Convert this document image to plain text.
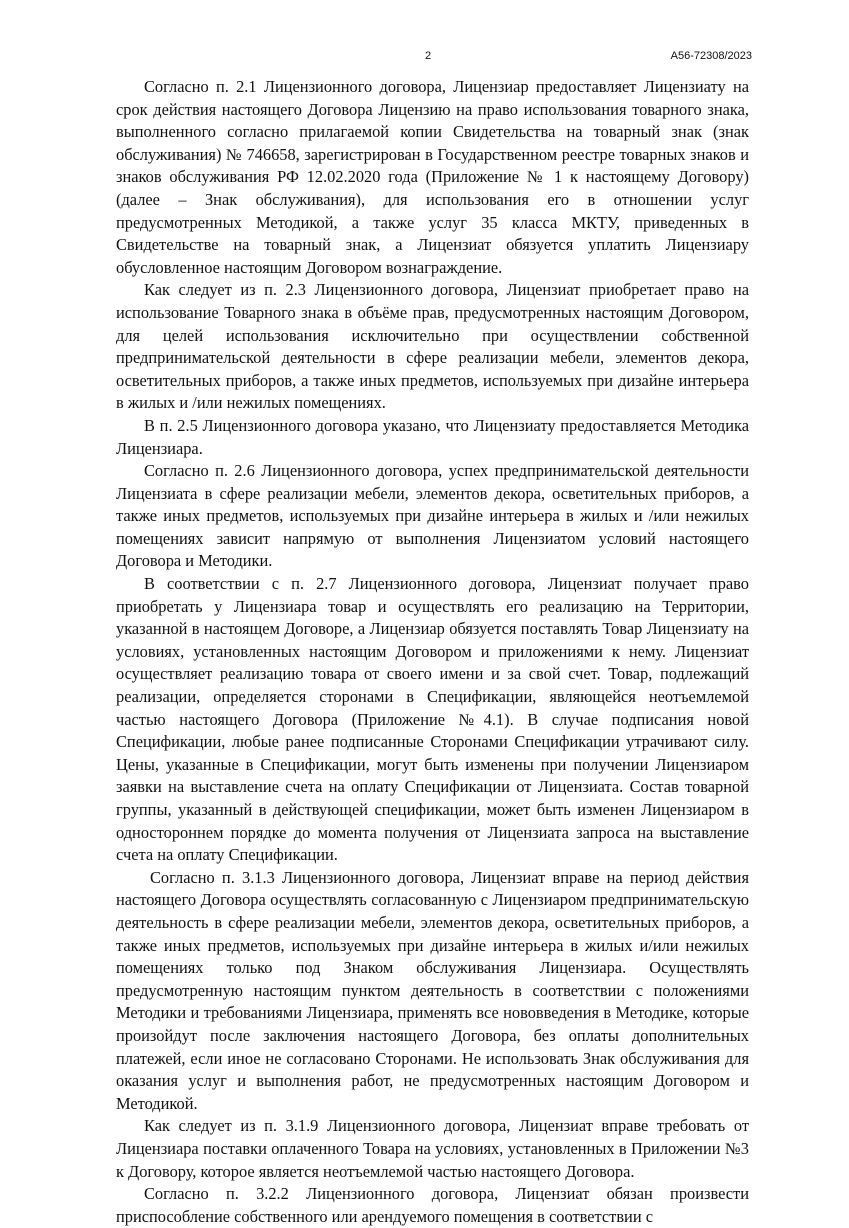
2	А56-72308/2023

Согласно п. 2.1 Лицензионного договора, Лицензиар предоставляет Лицензиату на срок действия настоящего Договора Лицензию на право использования товарного знака, выполненного согласно прилагаемой копии Свидетельства на товарный знак (знак обслуживания) № 746658, зарегистрирован в Государственном реестре товарных знаков и знаков обслуживания РФ 12.02.2020 года (Приложение № 1 к настоящему Договору) (далее – Знак обслуживания), для использования его в отношении услуг предусмотренных Методикой, а также услуг 35 класса МКТУ, приведенных в Свидетельстве на товарный знак, а Лицензиат обязуется уплатить Лицензиару обусловленное настоящим Договором вознаграждение.

Как следует из п. 2.3 Лицензионного договора, Лицензиат приобретает право на использование Товарного знака в объёме прав, предусмотренных настоящим Договором, для целей использования исключительно при осуществлении собственной предпринимательской деятельности в сфере реализации мебели, элементов декора, осветительных приборов, а также иных предметов, используемых при дизайне интерьера в жилых и /или нежилых помещениях.

В п. 2.5 Лицензионного договора указано, что Лицензиату предоставляется Методика Лицензиара.

Согласно п. 2.6 Лицензионного договора, успех предпринимательской деятельности Лицензиата в сфере реализации мебели, элементов декора, осветительных приборов, а также иных предметов, используемых при дизайне интерьера в жилых и /или нежилых помещениях зависит напрямую от выполнения Лицензиатом условий настоящего Договора и Методики.

В соответствии с п. 2.7 Лицензионного договора, Лицензиат получает право приобретать у Лицензиара товар и осуществлять его реализацию на Территории, указанной в настоящем Договоре, а Лицензиар обязуется поставлять Товар Лицензиату на условиях, установленных настоящим Договором и приложениями к нему. Лицензиат осуществляет реализацию товара от своего имени и за свой счет. Товар, подлежащий реализации, определяется сторонами в Спецификации, являющейся неотъемлемой частью настоящего Договора (Приложение №4.1). В случае подписания новой Спецификации, любые ранее подписанные Сторонами Спецификации утрачивают силу. Цены, указанные в Спецификации, могут быть изменены при получении Лицензиаром заявки на выставление счета на оплату Спецификации от Лицензиата. Состав товарной группы, указанный в действующей спецификации, может быть изменен Лицензиаром в одностороннем порядке до момента получения от Лицензиата запроса на выставление счета на оплату Спецификации.

Согласно п. 3.1.3 Лицензионного договора, Лицензиат вправе на период действия настоящего Договора осуществлять согласованную с Лицензиаром предпринимательскую деятельность в сфере реализации мебели, элементов декора, осветительных приборов, а также иных предметов, используемых при дизайне интерьера в жилых и/или нежилых помещениях только под Знаком обслуживания Лицензиара. Осуществлять предусмотренную настоящим пунктом деятельность в соответствии с положениями Методики и требованиями Лицензиара, применять все нововведения в Методике, которые произойдут после заключения настоящего Договора, без оплаты дополнительных платежей, если иное не согласовано Сторонами. Не использовать Знак обслуживания для оказания услуг и выполнения работ, не предусмотренных настоящим Договором и Методикой.

Как следует из п. 3.1.9 Лицензионного договора, Лицензиат вправе требовать от Лицензиара поставки оплаченного Товара на условиях, установленных в Приложении №3 к Договору, которое является неотъемлемой частью настоящего Договора.

Согласно п. 3.2.2 Лицензионного договора, Лицензиат обязан произвести приспособление собственного или арендуемого помещения в соответствии с
